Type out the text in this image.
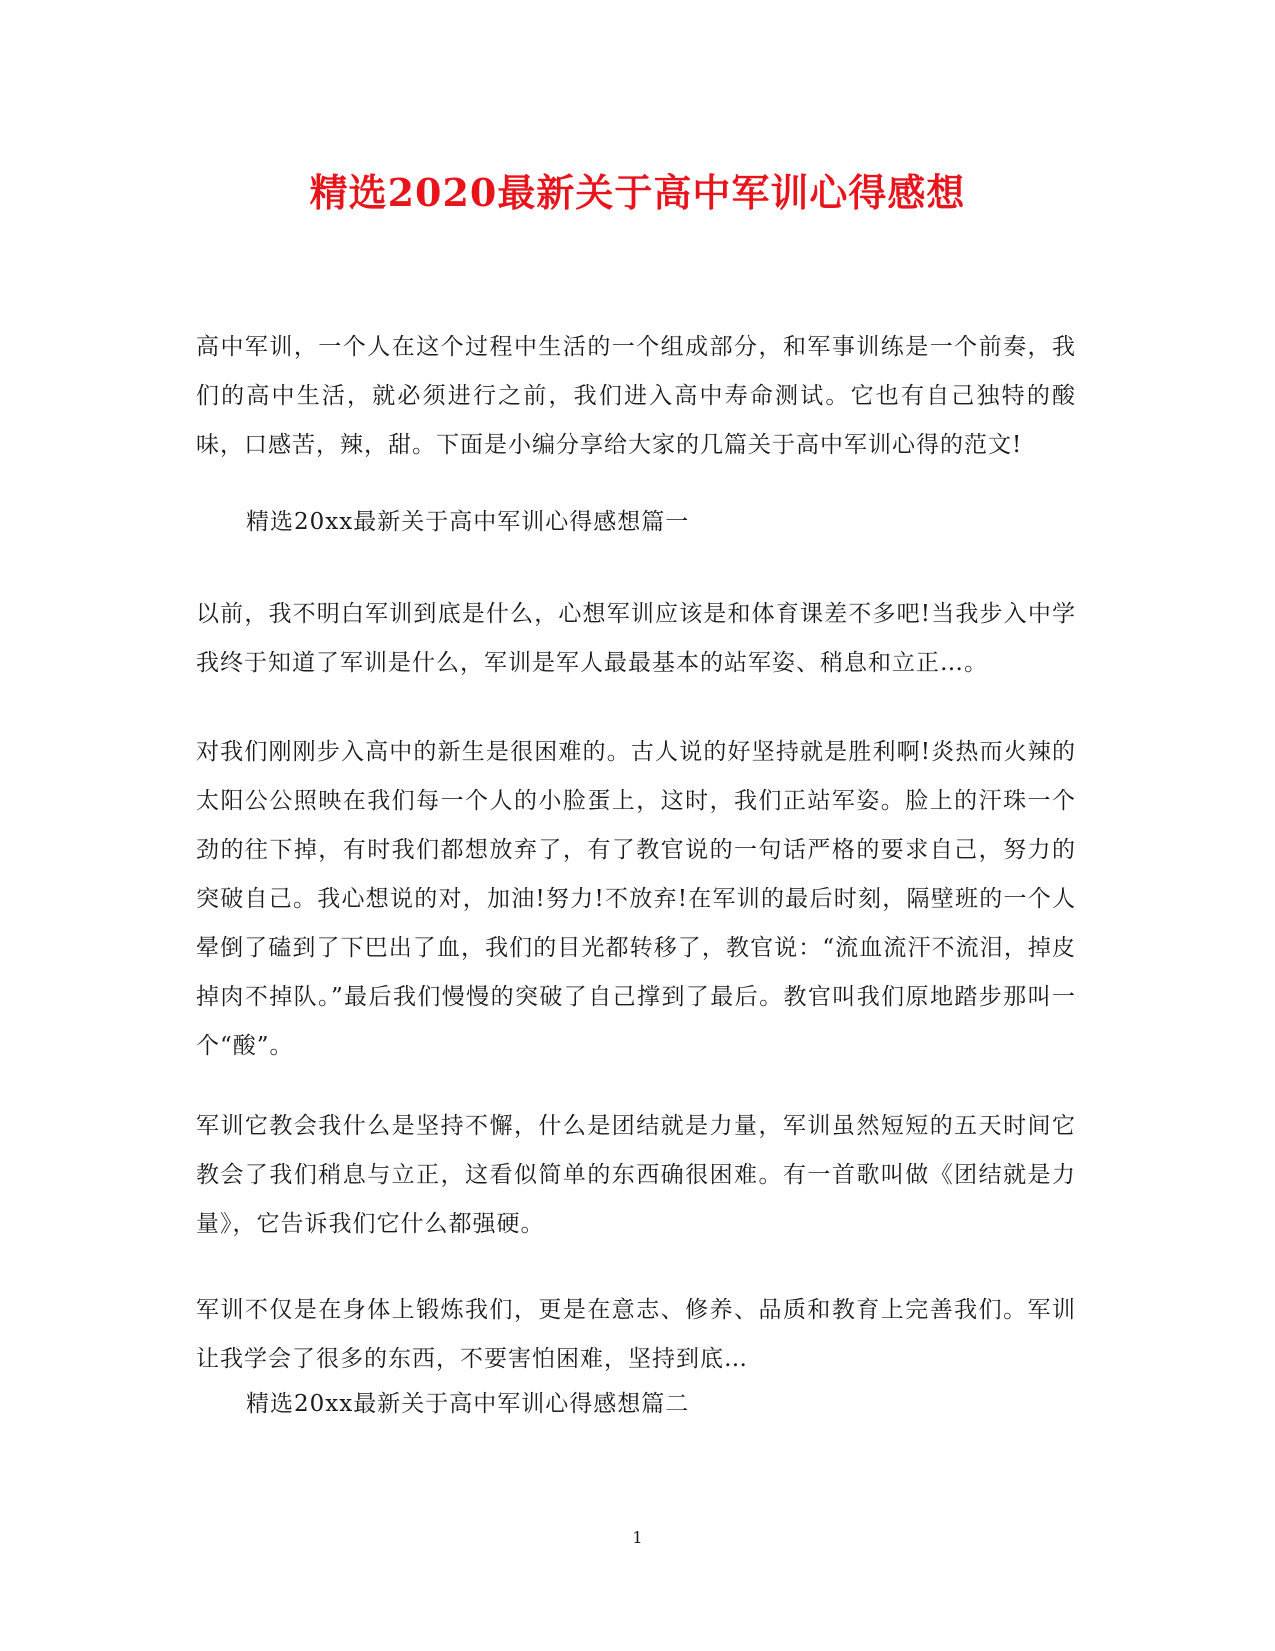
精选2020最新关于高中军训心得感想
高中军训，一个人在这个过程中生活的一个组成部分，和军事训练是一个前奏，我们的高中生活，就必须进行之前，我们进入高中寿命测试。它也有自己独特的酸味，口感苦，辣，甜。下面是小编分享给大家的几篇关于高中军训心得的范文!
精选20xx最新关于高中军训心得感想篇一
以前，我不明白军训到底是什么，心想军训应该是和体育课差不多吧!当我步入中学我终于知道了军训是什么，军训是军人最最基本的站军姿、稍息和立正…。
对我们刚刚步入高中的新生是很困难的。古人说的好坚持就是胜利啊!炎热而火辣的太阳公公照映在我们每一个人的小脸蛋上，这时，我们正站军姿。脸上的汗珠一个劲的往下掉，有时我们都想放弃了，有了教官说的一句话严格的要求自己，努力的突破自己。我心想说的对，加油!努力!不放弃!在军训的最后时刻，隔壁班的一个人晕倒了磕到了下巴出了血，我们的目光都转移了，教官说：“流血流汗不流泪，掉皮掉肉不掉队。”最后我们慢慢的突破了自己撑到了最后。教官叫我们原地踏步那叫一个“酸”。
军训它教会我什么是坚持不懈，什么是团结就是力量，军训虽然短短的五天时间它教会了我们稍息与立正，这看似简单的东西确很困难。有一首歌叫做《团结就是力量》，它告诉我们它什么都强硬。
军训不仅是在身体上锻炼我们，更是在意志、修养、品质和教育上完善我们。军训让我学会了很多的东西，不要害怕困难，坚持到底…
精选20xx最新关于高中军训心得感想篇二
1
